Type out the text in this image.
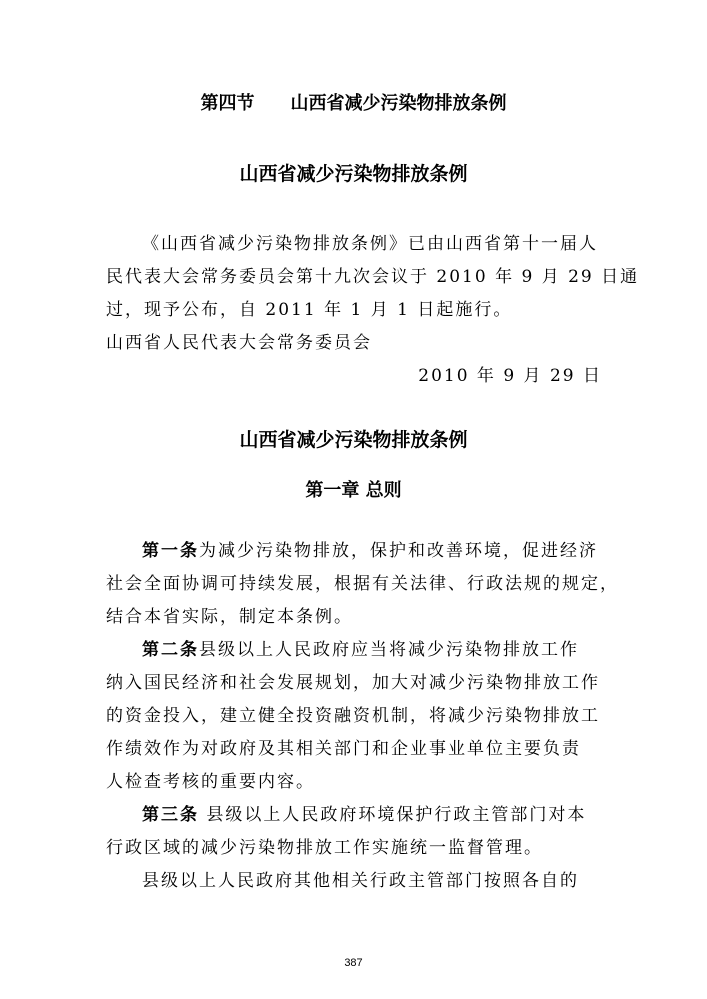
第四节　　山西省减少污染物排放条例
山西省减少污染物排放条例
《山西省减少污染物排放条例》已由山西省第十一届人
民代表大会常务委员会第十九次会议于 2010 年 9 月 29 日通
过，现予公布，自 2011 年 1 月 1 日起施行。
山西省人民代表大会常务委员会
2010 年 9 月 29 日
山西省减少污染物排放条例
第一章 总则
第一条为减少污染物排放，保护和改善环境，促进经济
社会全面协调可持续发展，根据有关法律、行政法规的规定，
结合本省实际，制定本条例。
第二条县级以上人民政府应当将减少污染物排放工作
纳入国民经济和社会发展规划，加大对减少污染物排放工作
的资金投入，建立健全投资融资机制，将减少污染物排放工
作绩效作为对政府及其相关部门和企业事业单位主要负责
人检查考核的重要内容。
第三条 县级以上人民政府环境保护行政主管部门对本
行政区域的减少污染物排放工作实施统一监督管理。
县级以上人民政府其他相关行政主管部门按照各自的
387
